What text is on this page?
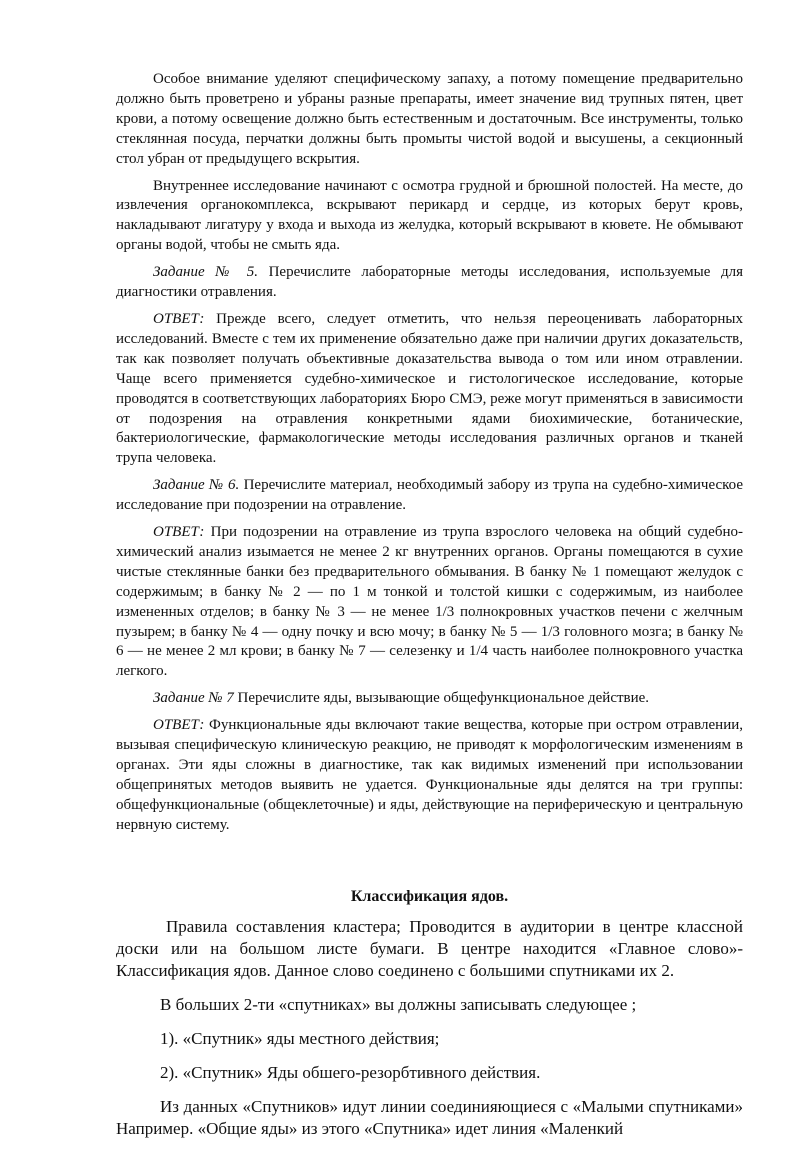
Особое внимание уделяют специфическому запаху, а потому помещение предварительно должно быть проветрено и убраны разные препараты, имеет значение вид трупных пятен, цвет крови, а потому освещение должно быть естественным и достаточным. Все инструменты, только стеклянная посуда, перчатки должны быть промыты чистой водой и высушены, а секционный стол убран от предыдущего вскрытия.

Внутреннее исследование начинают с осмотра грудной и брюшной полостей. На месте, до извлечения органокомплекса, вскрывают перикард и сердце, из которых берут кровь, накладывают лигатуру у входа и выхода из желудка, который вскрывают в кювете. Не обмывают органы водой, чтобы не смыть яда.

Задание № 5. Перечислите лабораторные методы исследования, используемые для диагностики отравления.

ОТВЕТ: Прежде всего, следует отметить, что нельзя переоценивать лабораторных исследований. Вместе с тем их применение обязательно даже при наличии других доказательств, так как позволяет получать объективные доказательства вывода о том или ином отравлении. Чаще всего применяется судебно-химическое и гистологическое исследование, которые проводятся в соответствующих лабораториях Бюро СМЭ, реже могут применяться в зависимости от подозрения на отравления конкретными ядами биохимические, ботанические, бактериологические, фармакологические методы исследования различных органов и тканей трупа человека.

Задание № 6. Перечислите материал, необходимый забору из трупа на судебно-химическое исследование при подозрении на отравление.

ОТВЕТ: При подозрении на отравление из трупа взрослого человека на общий судебно-химический анализ изымается не менее 2 кг внутренних органов. Органы помещаются в сухие чистые стеклянные банки без предварительного обмывания. В банку № 1 помещают желудок с содержимым; в банку № 2 — по 1 м тонкой и толстой кишки с содержимым, из наиболее измененных отделов; в банку № 3 — не менее 1/3 полнокровных участков печени с желчным пузырем; в банку № 4 — одну почку и всю мочу; в банку № 5 — 1/3 головного мозга; в банку № 6 — не менее 2 мл крови; в банку № 7 — селезенку и 1/4 часть наиболее полнокровного участка легкого.

Задание № 7 Перечислите яды, вызывающие общефункциональное действие.

ОТВЕТ: Функциональные яды включают такие вещества, которые при остром отравлении, вызывая специфическую клиническую реакцию, не приводят к морфологическим изменениям в органах. Эти яды сложны в диагностике, так как видимых изменений при использовании общепринятых методов выявить не удается. Функциональные яды делятся на три группы: общефункциональные (общеклеточные) и яды, действующие на периферическую и центральную нервную систему.

Классификация ядов.

Правила составления кластера; Проводится в аудитории в центре классной доски или на большом листе бумаги. В центре находится «Главное слово»- Классификация ядов. Данное слово соединено с большими спутниками их 2.

В больших 2-ти «спутниках» вы должны записывать следующее ;

1). «Спутник» яды местного действия;

2). «Спутник» Яды обшего-резорбтивного действия.

Из данных «Спутников» идут линии соединияющиеся с «Малыми спутниками» Например. «Общие яды» из этого «Спутника» идет линия «Маленкий
